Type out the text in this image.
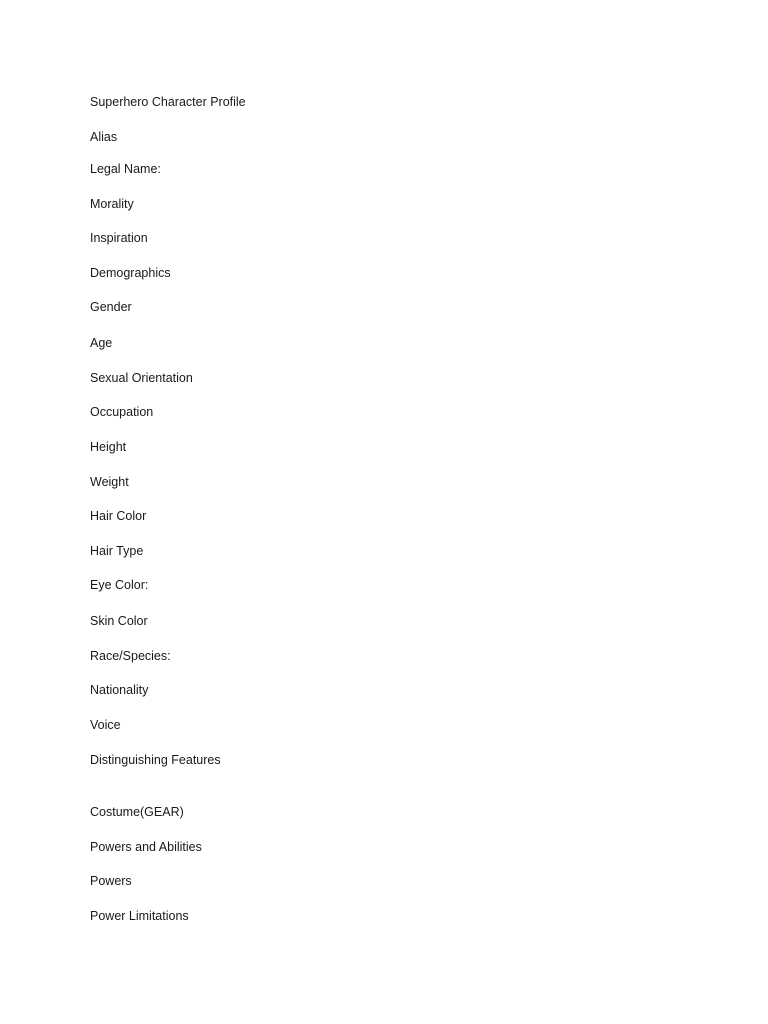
Superhero Character Profile
Alias
Legal Name:
Morality
Inspiration
Demographics
Gender
Age
Sexual Orientation
Occupation
Height
Weight
Hair Color
Hair Type
Eye Color:
Skin Color
Race/Species:
Nationality
Voice
Distinguishing Features
Costume(GEAR)
Powers and Abilities
Powers
Power Limitations
